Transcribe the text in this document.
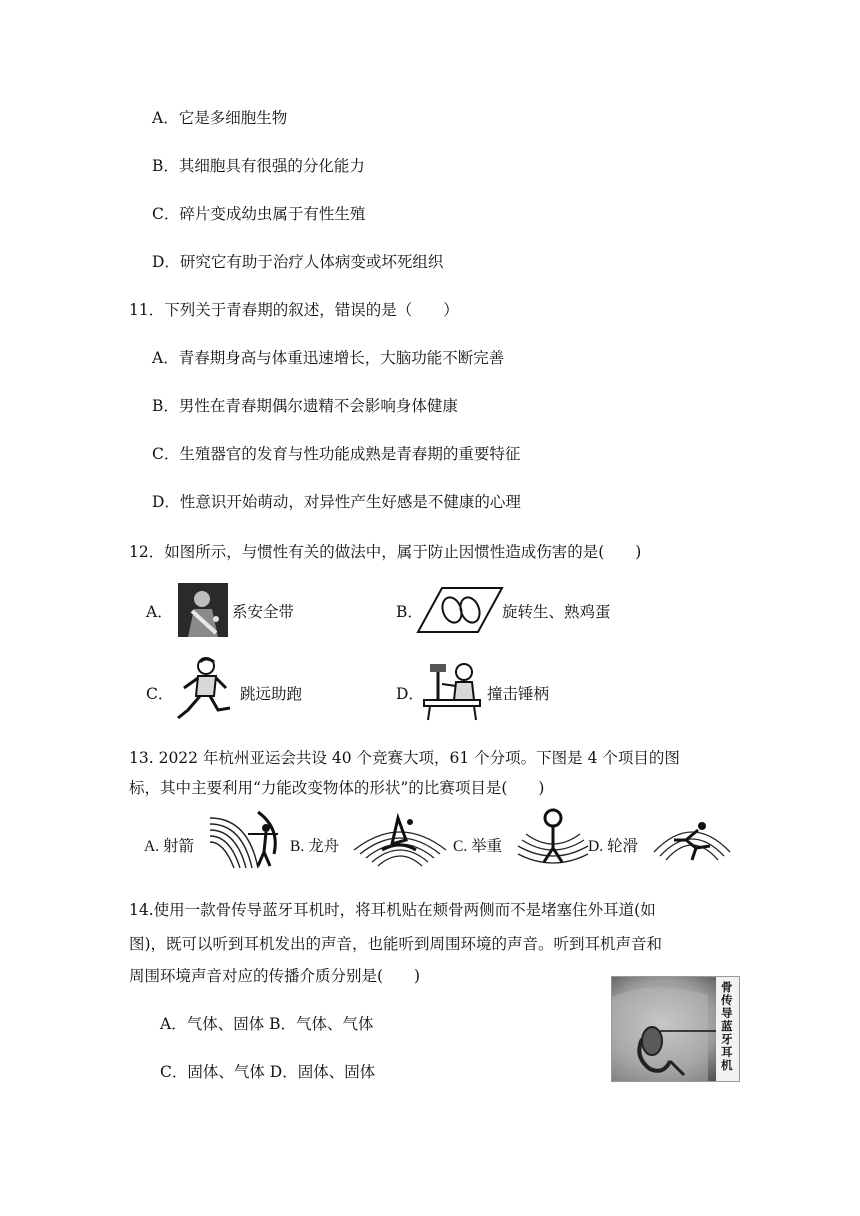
A．它是多细胞生物
B．其细胞具有很强的分化能力
C．碎片变成幼虫属于有性生殖
D．研究它有助于治疗人体病变或坏死组织
11．下列关于青春期的叙述，错误的是（　　）
A．青春期身高与体重迅速增长，大脑功能不断完善
B．男性在青春期偶尔遗精不会影响身体健康
C．生殖器官的发育与性功能成熟是青春期的重要特征
D．性意识开始萌动，对异性产生好感是不健康的心理
12．如图所示，与惯性有关的做法中，属于防止因惯性造成伤害的是(　　)
A．	系安全带	B．	旋转生、熟鸡蛋
C．	跳远助跑	D．	撞击锤柄
13. 2022 年杭州亚运会共设 40 个竞赛大项，61 个分项。下图是 4 个项目的图
标，其中主要利用“力能改变物体的形状”的比赛项目是(　　)
A. 射箭	B. 龙舟	C. 举重	D. 轮滑
14.使用一款骨传导蓝牙耳机时，将耳机贴在颊骨两侧而不是堵塞住外耳道(如
图)，既可以听到耳机发出的声音，也能听到周围环境的声音。听到耳机声音和
周围环境声音对应的传播介质分别是(　　)
A．气体、固体 B．气体、气体
C．固体、气体 D．固体、固体
骨传导蓝牙耳机
